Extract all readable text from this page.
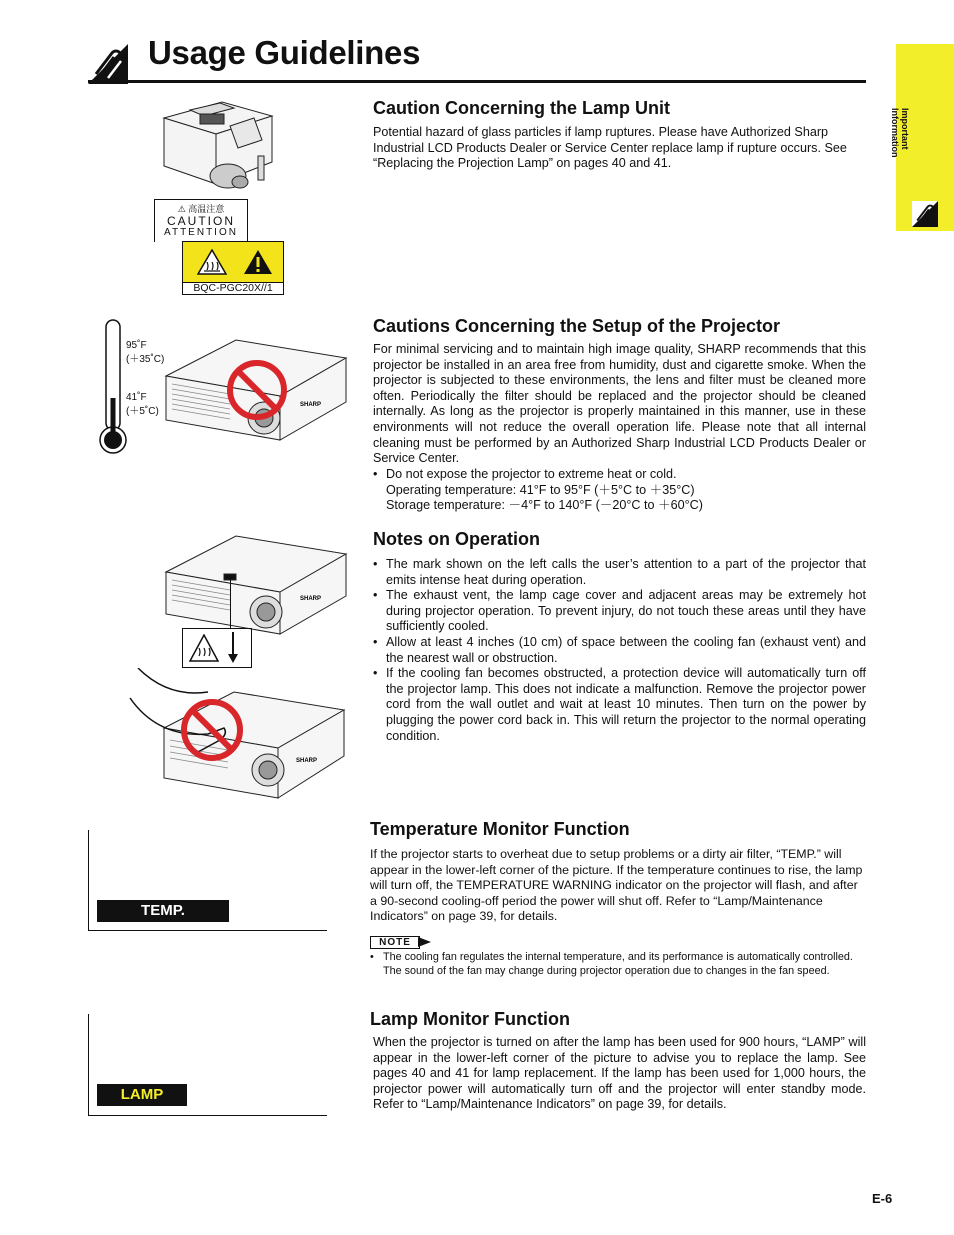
Usage Guidelines
Important
Information
⚠ 高温注意
CAUTION
ATTENTION
BQC-PGC20X//1
Caution Concerning the Lamp Unit

Potential hazard of glass particles if lamp ruptures. Please have Authorized Sharp Industrial LCD Products Dealer or Service Center replace lamp if rupture occurs. See “Replacing the Projection Lamp” on pages 40 and 41.

95˚F
(＋35˚C)
41˚F
(＋5˚C)
SHARP
Cautions Concerning the Setup of the Projector

For minimal servicing and to maintain high image quality, SHARP recommends that this projector be installed in an area free from humidity, dust and cigarette smoke. When the projector is subjected to these environments, the lens and filter must be cleaned more often. Periodically the filter should be replaced and the projector should be cleaned internally. As long as the projector is properly maintained in this manner, use in these environments will not reduce the overall operation life. Please note that all internal cleaning must be performed by an Authorized Sharp Industrial LCD Products Dealer or Service Center.

• Do not expose the projector to extreme heat or cold.
Operating temperature: 41°F to 95°F (＋5°C to ＋35°C)
Storage temperature: －4°F to 140°F (－20°C to ＋60°C)
SHARP
SHARP
Notes on Operation
• The mark shown on the left calls the user’s attention to a part of the projector that emits intense heat during operation.
• The exhaust vent, the lamp cage cover and adjacent areas may be extremely hot during projector operation. To prevent injury, do not touch these areas until they have sufficiently cooled.
• Allow at least 4 inches (10 cm) of space between the cooling fan (exhaust vent) and the nearest wall or obstruction.
• If the cooling fan becomes obstructed, a protection device will automatically turn off the projector lamp. This does not indicate a malfunction. Remove the projector power cord from the wall outlet and wait at least 10 minutes. Then turn on the power by plugging the power cord back in. This will return the projector to the normal operating condition.
TEMP.
Temperature Monitor Function

If the projector starts to overheat due to setup problems or a dirty air filter, “TEMP.” will appear in the lower-left corner of the picture. If the temperature continues to rise, the lamp will turn off, the TEMPERATURE WARNING indicator on the projector will flash, and after a 90-second cooling-off period the power will shut off. Refer to “Lamp/Maintenance Indicators” on page 39, for details.

NOTE
• The cooling fan regulates the internal temperature, and its performance is automatically controlled. The sound of the fan may change during projector operation due to changes in the fan speed.
LAMP
Lamp Monitor Function

When the projector is turned on after the lamp has been used for 900 hours, “LAMP” will appear in the lower-left corner of the picture to advise you to replace the lamp. See pages 40 and 41 for lamp replacement. If the lamp has been used for 1,000 hours, the projector power will automatically turn off and the projector will enter standby mode. Refer to “Lamp/Maintenance Indicators” on page 39, for details.

E-6
